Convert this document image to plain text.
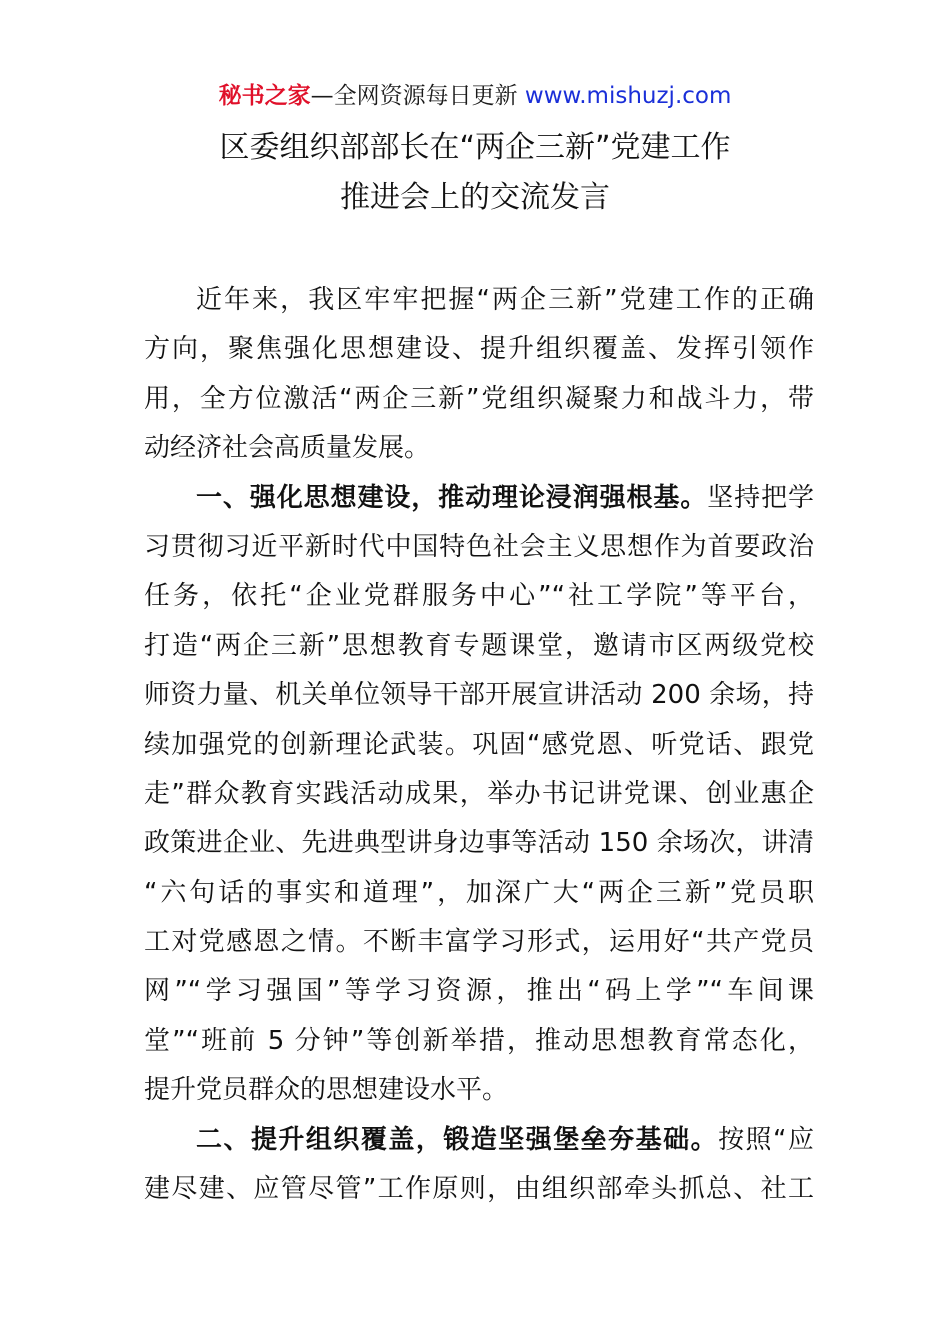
秘书之家—全网资源每日更新 www.mishuzj.com
区委组织部部长在“两企三新”党建工作
推进会上的交流发言
近年来，我区牢牢把握“两企三新”党建工作的正确
方向，聚焦强化思想建设、提升组织覆盖、发挥引领作
用，全方位激活“两企三新”党组织凝聚力和战斗力，带
动经济社会高质量发展。
一、强化思想建设，推动理论浸润强根基。坚持把学
习贯彻习近平新时代中国特色社会主义思想作为首要政治
任务，依托“企业党群服务中心”“社工学院”等平台，
打造“两企三新”思想教育专题课堂，邀请市区两级党校
师资力量、机关单位领导干部开展宣讲活动 200 余场，持
续加强党的创新理论武装。巩固“感党恩、听党话、跟党
走”群众教育实践活动成果，举办书记讲党课、创业惠企
政策进企业、先进典型讲身边事等活动 150 余场次，讲清
“六句话的事实和道理”，加深广大“两企三新”党员职
工对党感恩之情。不断丰富学习形式，运用好“共产党员
网”“学习强国”等学习资源，推出“码上学”“车间课
堂”“班前 5 分钟”等创新举措，推动思想教育常态化，
提升党员群众的思想建设水平。
二、提升组织覆盖，锻造坚强堡垒夯基础。按照“应
建尽建、应管尽管”工作原则，由组织部牵头抓总、社工
